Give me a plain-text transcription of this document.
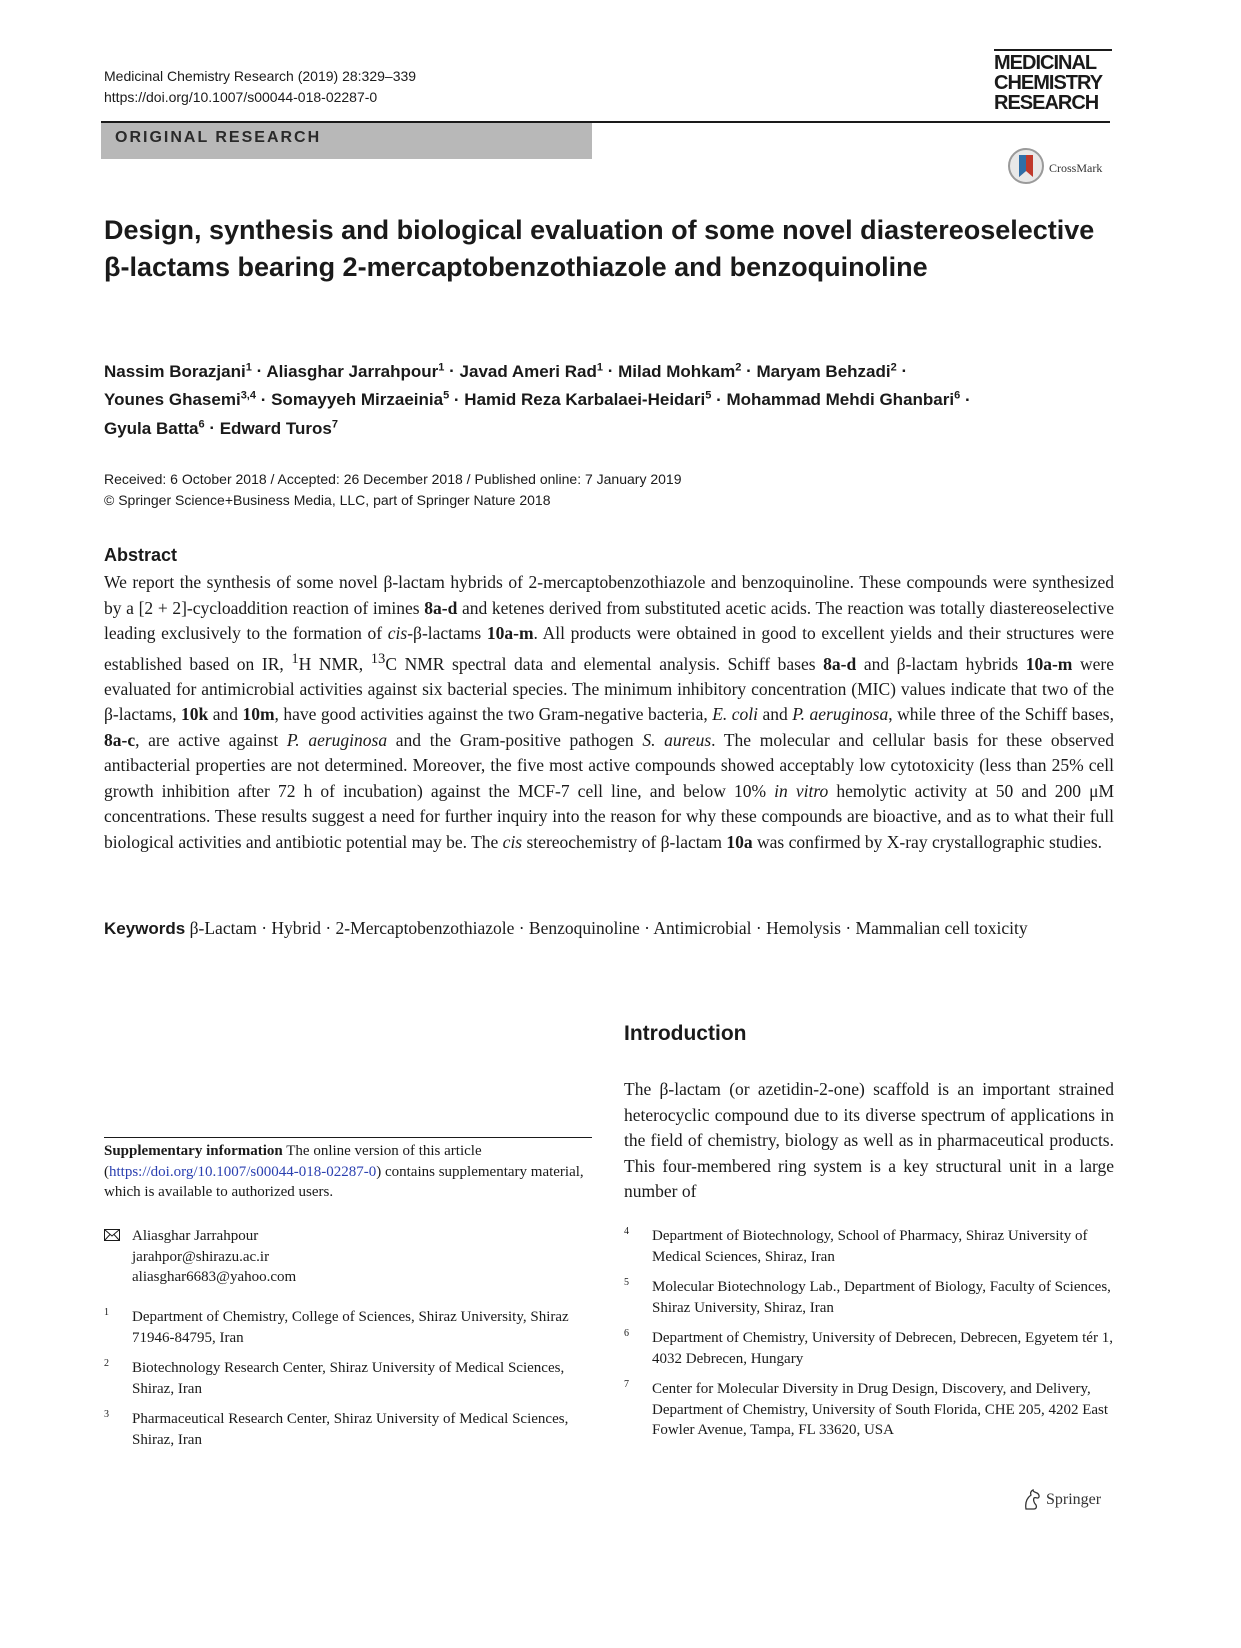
Medicinal Chemistry Research (2019) 28:329–339
https://doi.org/10.1007/s00044-018-02287-0
MEDICINAL
CHEMISTRY
RESEARCH
ORIGINAL RESEARCH
CrossMark
Design, synthesis and biological evaluation of some novel diastereoselective β-lactams bearing 2-mercaptobenzothiazole and benzoquinoline
Nassim Borazjani$^1$ · Aliasghar Jarrahpour$^1$ · Javad Ameri Rad$^1$ · Milad Mohkam$^2$ · Maryam Behzadi$^2$ ·
Younes Ghasemi$^{3,4}$ · Somayyeh Mirzaeinia$^5$ · Hamid Reza Karbalaei-Heidari$^5$ · Mohammad Mehdi Ghanbari$^6$ ·
Gyula Batta$^6$ · Edward Turos$^7$
Received: 6 October 2018 / Accepted: 26 December 2018 / Published online: 7 January 2019
© Springer Science+Business Media, LLC, part of Springer Nature 2018
Abstract
We report the synthesis of some novel β-lactam hybrids of 2-mercaptobenzothiazole and benzoquinoline. These compounds were synthesized by a [2 + 2]-cycloaddition reaction of imines 8a-d and ketenes derived from substituted acetic acids. The reaction was totally diastereoselective leading exclusively to the formation of cis-β-lactams 10a-m. All products were obtained in good to excellent yields and their structures were established based on IR, $^1$H NMR, $^{13}$C NMR spectral data and elemental analysis. Schiff bases 8a-d and β-lactam hybrids 10a-m were evaluated for antimicrobial activities against six bacterial species. The minimum inhibitory concentration (MIC) values indicate that two of the β-lactams, 10k and 10m, have good activities against the two Gram-negative bacteria, E. coli and P. aeruginosa, while three of the Schiff bases, 8a-c, are active against P. aeruginosa and the Gram-positive pathogen S. aureus. The molecular and cellular basis for these observed antibacterial properties are not determined. Moreover, the five most active compounds showed acceptably low cytotoxicity (less than 25% cell growth inhibition after 72 h of incubation) against the MCF-7 cell line, and below 10% in vitro hemolytic activity at 50 and 200 μM concentrations. These results suggest a need for further inquiry into the reason for why these compounds are bioactive, and as to what their full biological activities and antibiotic potential may be. The cis stereochemistry of β-lactam 10a was confirmed by X-ray crystallographic studies.
Keywords β-Lactam · Hybrid · 2-Mercaptobenzothiazole · Benzoquinoline · Antimicrobial · Hemolysis · Mammalian cell toxicity
Supplementary information The online version of this article (https://doi.org/10.1007/s00044-018-02287-0) contains supplementary material, which is available to authorized users.
Aliasghar Jarrahpour
jarahpor@shirazu.ac.ir
aliasghar6683@yahoo.com
1 Department of Chemistry, College of Sciences, Shiraz University, Shiraz 71946-84795, Iran
2 Biotechnology Research Center, Shiraz University of Medical Sciences, Shiraz, Iran
3 Pharmaceutical Research Center, Shiraz University of Medical Sciences, Shiraz, Iran
Introduction
The β-lactam (or azetidin-2-one) scaffold is an important strained heterocyclic compound due to its diverse spectrum of applications in the field of chemistry, biology as well as in pharmaceutical products. This four-membered ring system is a key structural unit in a large number of
4 Department of Biotechnology, School of Pharmacy, Shiraz University of Medical Sciences, Shiraz, Iran
5 Molecular Biotechnology Lab., Department of Biology, Faculty of Sciences, Shiraz University, Shiraz, Iran
6 Department of Chemistry, University of Debrecen, Debrecen, Egyetem tér 1, 4032 Debrecen, Hungary
7 Center for Molecular Diversity in Drug Design, Discovery, and Delivery, Department of Chemistry, University of South Florida, CHE 205, 4202 East Fowler Avenue, Tampa, FL 33620, USA
Springer
